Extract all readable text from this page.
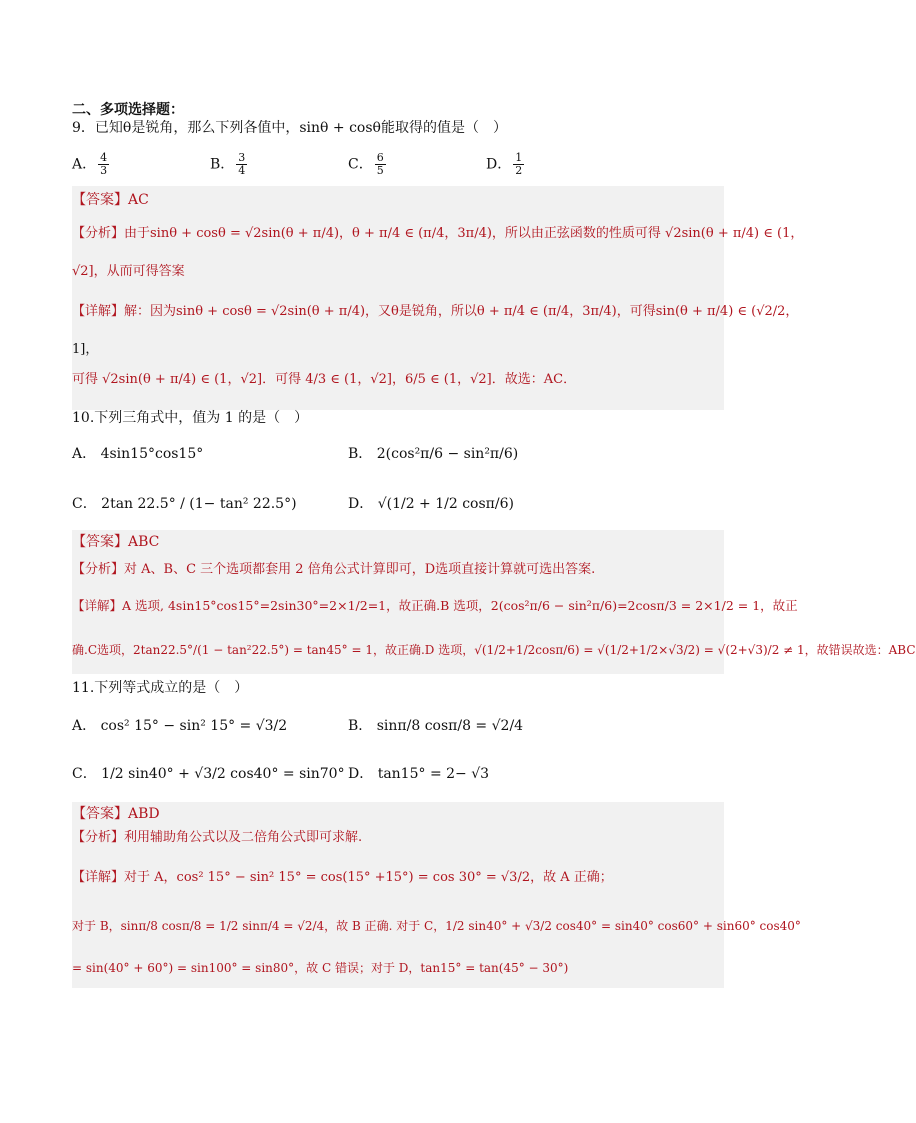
二、多项选择题：
9．已知θ是锐角，那么下列各值中，sinθ + cosθ能取得的值是（　）
A． $\frac{4}{3}$	B． $\frac{3}{4}$	C． $\frac{6}{5}$	D． $\frac{1}{2}$
【答案】AC
【分析】由于sinθ + cosθ = √2sin(θ + π/4)，θ + π/4 ∈ (π/4，3π/4)，所以由正弦函数的性质可得 √2sin(θ + π/4) ∈ (1，
√2]，从而可得答案
【详解】解：因为sinθ + cosθ = √2sin(θ + π/4)，又θ是锐角，所以θ + π/4 ∈ (π/4，3π/4)，可得sin(θ + π/4) ∈ (√2/2，
1]，
可得 √2sin(θ + π/4) ∈ (1，√2]．可得 4/3 ∈ (1，√2]，6/5 ∈ (1，√2]．故选：AC．
10.下列三角式中，值为 1 的是（　）
A． 4sin15°cos15°	B． 2(cos²π/6 − sin²π/6)
C． 2tan 22.5° / (1− tan² 22.5°)	D． √(1/2 + 1/2 cosπ/6)
【答案】ABC
【分析】对 A、B、C 三个选项都套用 2 倍角公式计算即可，D选项直接计算就可选出答案.
【详解】A 选项, 4sin15°cos15°=2sin30°=2×1/2=1，故正确.B 选项，2(cos²π/6 − sin²π/6)=2cosπ/3 = 2×1/2 = 1，故正
确.C选项，2tan22.5°/(1 − tan²22.5°) = tan45° = 1，故正确.D 选项，√(1/2+1/2cosπ/6) = √(1/2+1/2×√3/2) = √(2+√3)/2 ≠ 1，故错误故选：ABC
11.下列等式成立的是（　）
A． cos² 15° − sin² 15° = √3/2	B． sinπ/8 cosπ/8 = √2/4
C． 1/2 sin40° + √3/2 cos40° = sin70° D． tan15° = 2− √3
【答案】ABD
【分析】利用辅助角公式以及二倍角公式即可求解.
【详解】对于 A，cos² 15° − sin² 15° = cos(15° +15°) = cos 30° = √3/2，故 A 正确；
对于 B，sinπ/8 cosπ/8 = 1/2 sinπ/4 = √2/4，故 B 正确. 对于 C，1/2 sin40° + √3/2 cos40° = sin40° cos60° + sin60° cos40°
= sin(40° + 60°) = sin100° = sin80°，故 C 错误；对于 D，tan15° = tan(45° − 30°)
